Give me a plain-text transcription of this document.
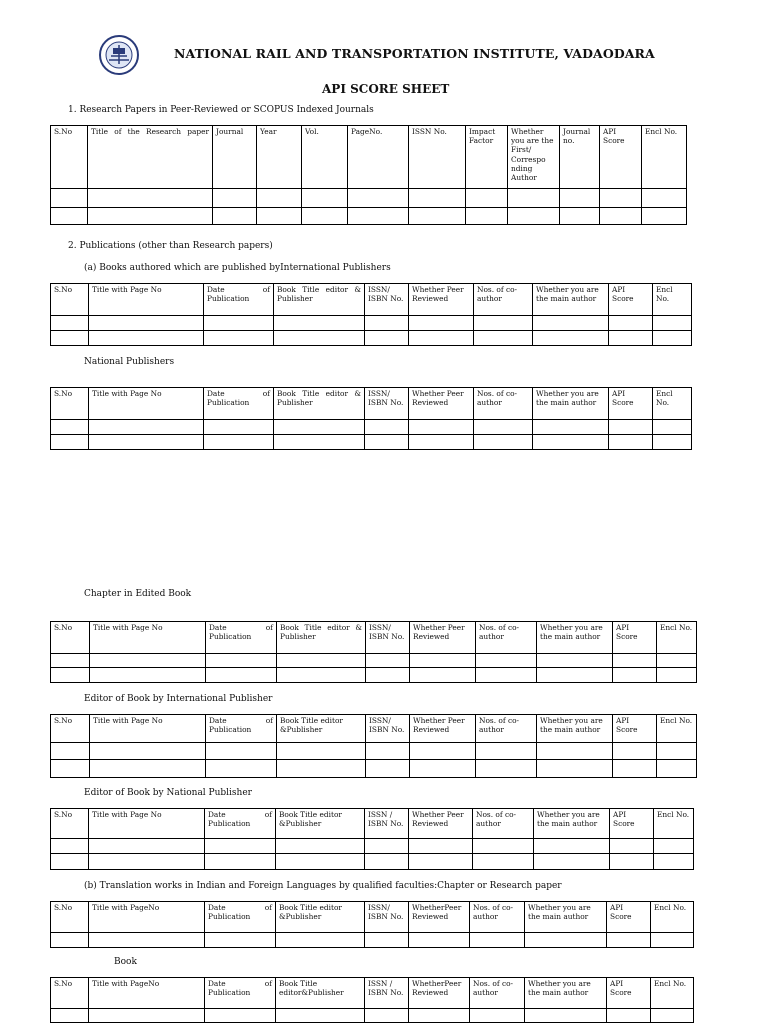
NATIONAL RAIL AND TRANSPORTATION INSTITUTE, VADAODARA
API SCORE SHEET
1. Research Papers in Peer-Reviewed or SCOPUS Indexed Journals
S.No	Title of the Research paper	Journal	Year	Vol.	PageNo.	ISSN No.	Impact Factor	Whether you are the First/ Correspo nding Author	Journal no.	API Score	Encl No.

2. Publications (other than Research papers)
(a) Books authored which are published byInternational Publishers
S.No	Title with Page No	Date of Publication	Book Title editor & Publisher	ISSN/ ISBN No.	Whether Peer Reviewed	Nos. of co-author	Whether you are the main author	API Score	Encl No.

National Publishers
S.No	Title with Page No	Date of Publication	Book Title editor & Publisher	ISSN/ ISBN No.	Whether Peer Reviewed	Nos. of co-author	Whether you are the main author	API Score	Encl No.

Chapter in Edited Book
S.No	Title with Page No	Date of Publication	Book Title editor & Publisher	ISSN/ ISBN No.	Whether Peer Reviewed	Nos. of co-author	Whether you are the main author	API Score	Encl No.

Editor of Book by International Publisher
S.No	Title with Page No	Date of Publication	Book Title editor &Publisher	ISSN/ ISBN No.	Whether Peer Reviewed	Nos. of co-author	Whether you are the main author	API Score	Encl No.

Editor of Book by National Publisher
S.No	Title with Page No	Date of Publication	Book Title editor &Publisher	ISSN / ISBN No.	Whether Peer Reviewed	Nos. of co-author	Whether you are the main author	API Score	Encl No.

(b) Translation works in Indian and Foreign Languages by qualified faculties:Chapter or Research paper
S.No	Title with PageNo	Date of Publication	Book Title editor &Publisher	ISSN/ ISBN No.	WhetherPeer Reviewed	Nos. of co-author	Whether you are the main author	API Score	Encl No.

Book
S.No	Title with PageNo	Date of Publication	Book Title editor&Publisher	ISSN / ISBN No.	WhetherPeer Reviewed	Nos. of co-author	Whether you are the main author	API Score	Encl No.
